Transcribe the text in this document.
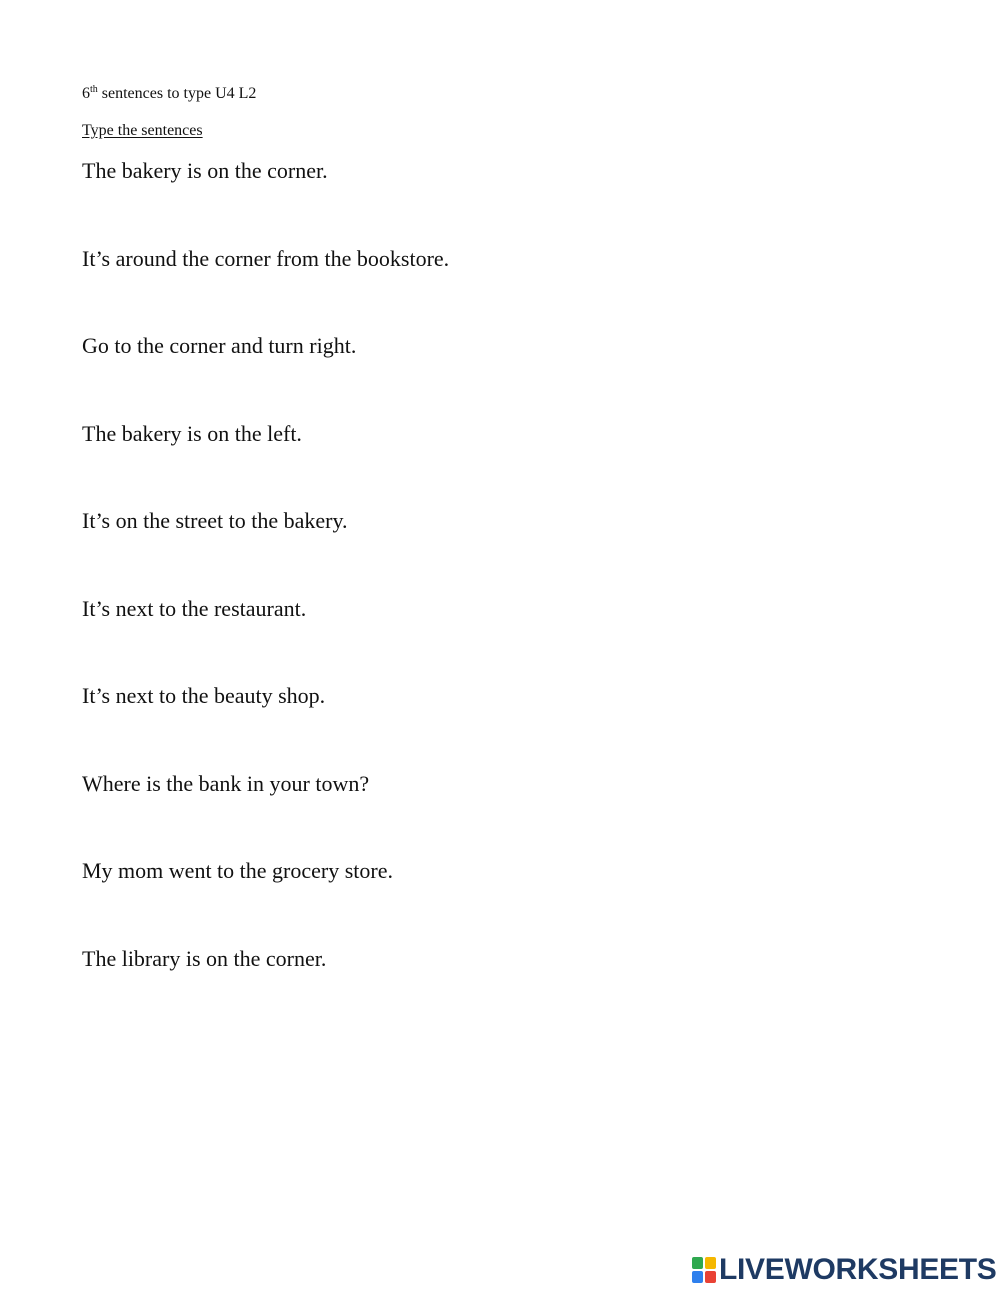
6th sentences to type U4 L2
Type the sentences
The bakery is on the corner.
It’s around the corner from the bookstore.
Go to the corner and turn right.
The bakery is on the left.
It’s on the street to the bakery.
It’s next to the restaurant.
It’s next to the beauty shop.
Where is the bank in your town?
My mom went to the grocery store.
The library is on the corner.
LIVEWORKSHEETS
